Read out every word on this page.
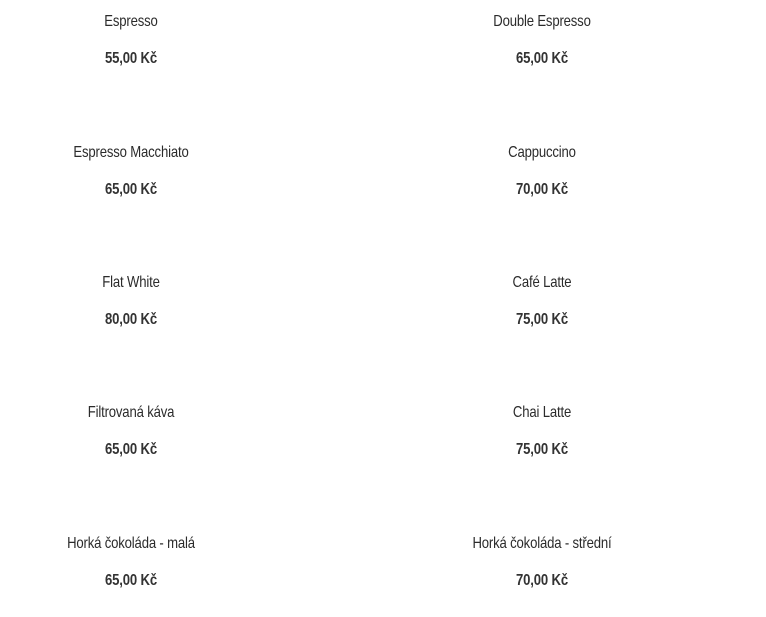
Espresso
55,00 Kč
Double Espresso
65,00 Kč
Espresso Macchiato
65,00 Kč
Cappuccino
70,00 Kč
Flat White
80,00 Kč
Café Latte
75,00 Kč
Filtrovaná káva
65,00 Kč
Chai Latte
75,00 Kč
Horká čokoláda - malá
65,00 Kč
Horká čokoláda - střední
70,00 Kč
